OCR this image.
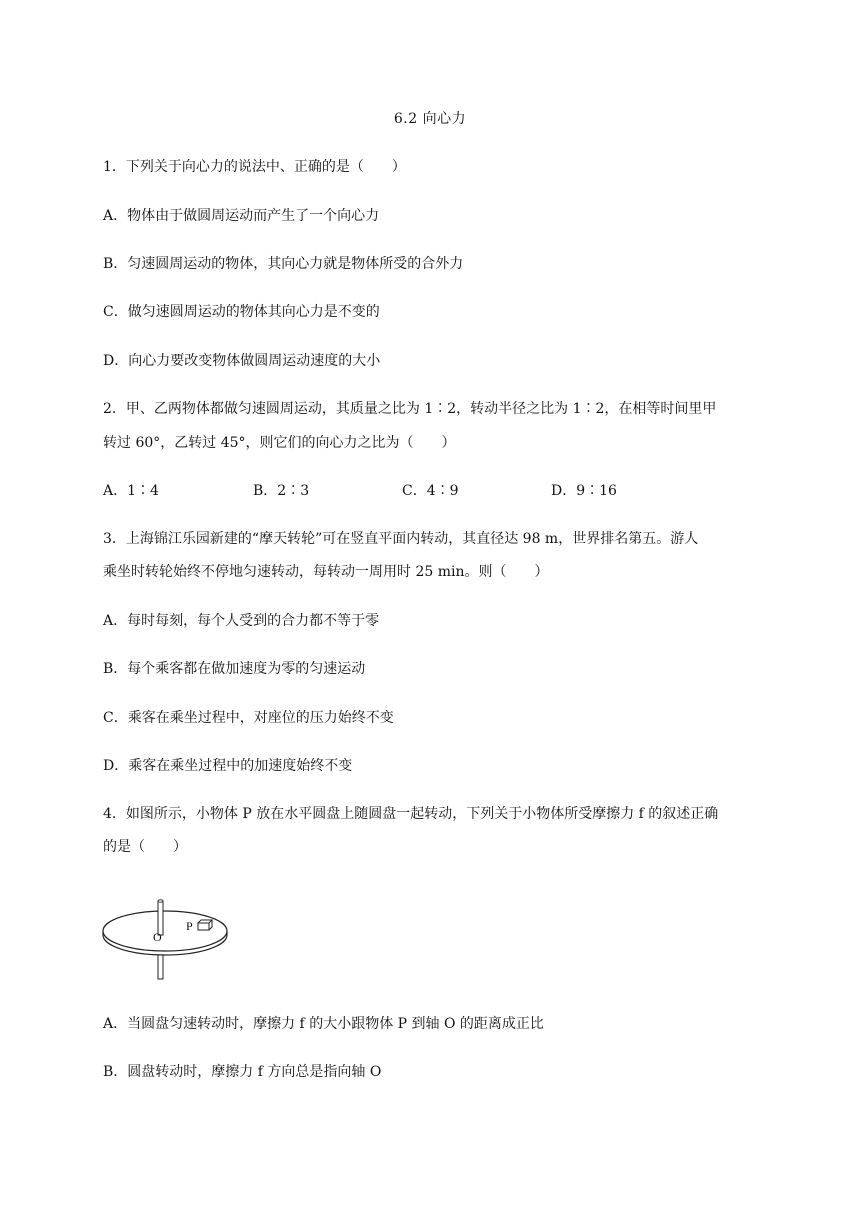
6.2 向心力
1．下列关于向心力的说法中、正确的是（　　）
A．物体由于做圆周运动而产生了一个向心力
B．匀速圆周运动的物体，其向心力就是物体所受的合外力
C．做匀速圆周运动的物体其向心力是不变的
D．向心力要改变物体做圆周运动速度的大小
2．甲、乙两物体都做匀速圆周运动，其质量之比为 1∶2，转动半径之比为 1∶2，在相等时间里甲
转过 60°，乙转过 45°，则它们的向心力之比为（　　）
A．1∶4	B．2∶3	C．4∶9	D．9∶16
3．上海锦江乐园新建的“摩天转轮”可在竖直平面内转动，其直径达 98 m，世界排名第五。游人
乘坐时转轮始终不停地匀速转动，每转动一周用时 25 min。则（　　）
A．每时每刻，每个人受到的合力都不等于零
B．每个乘客都在做加速度为零的匀速运动
C．乘客在乘坐过程中，对座位的压力始终不变
D．乘客在乘坐过程中的加速度始终不变
4．如图所示，小物体 P 放在水平圆盘上随圆盘一起转动，下列关于小物体所受摩擦力 f 的叙述正确
的是（　　）
P
O
A．当圆盘匀速转动时，摩擦力 f 的大小跟物体 P 到轴 O 的距离成正比
B．圆盘转动时，摩擦力 f 方向总是指向轴 O
